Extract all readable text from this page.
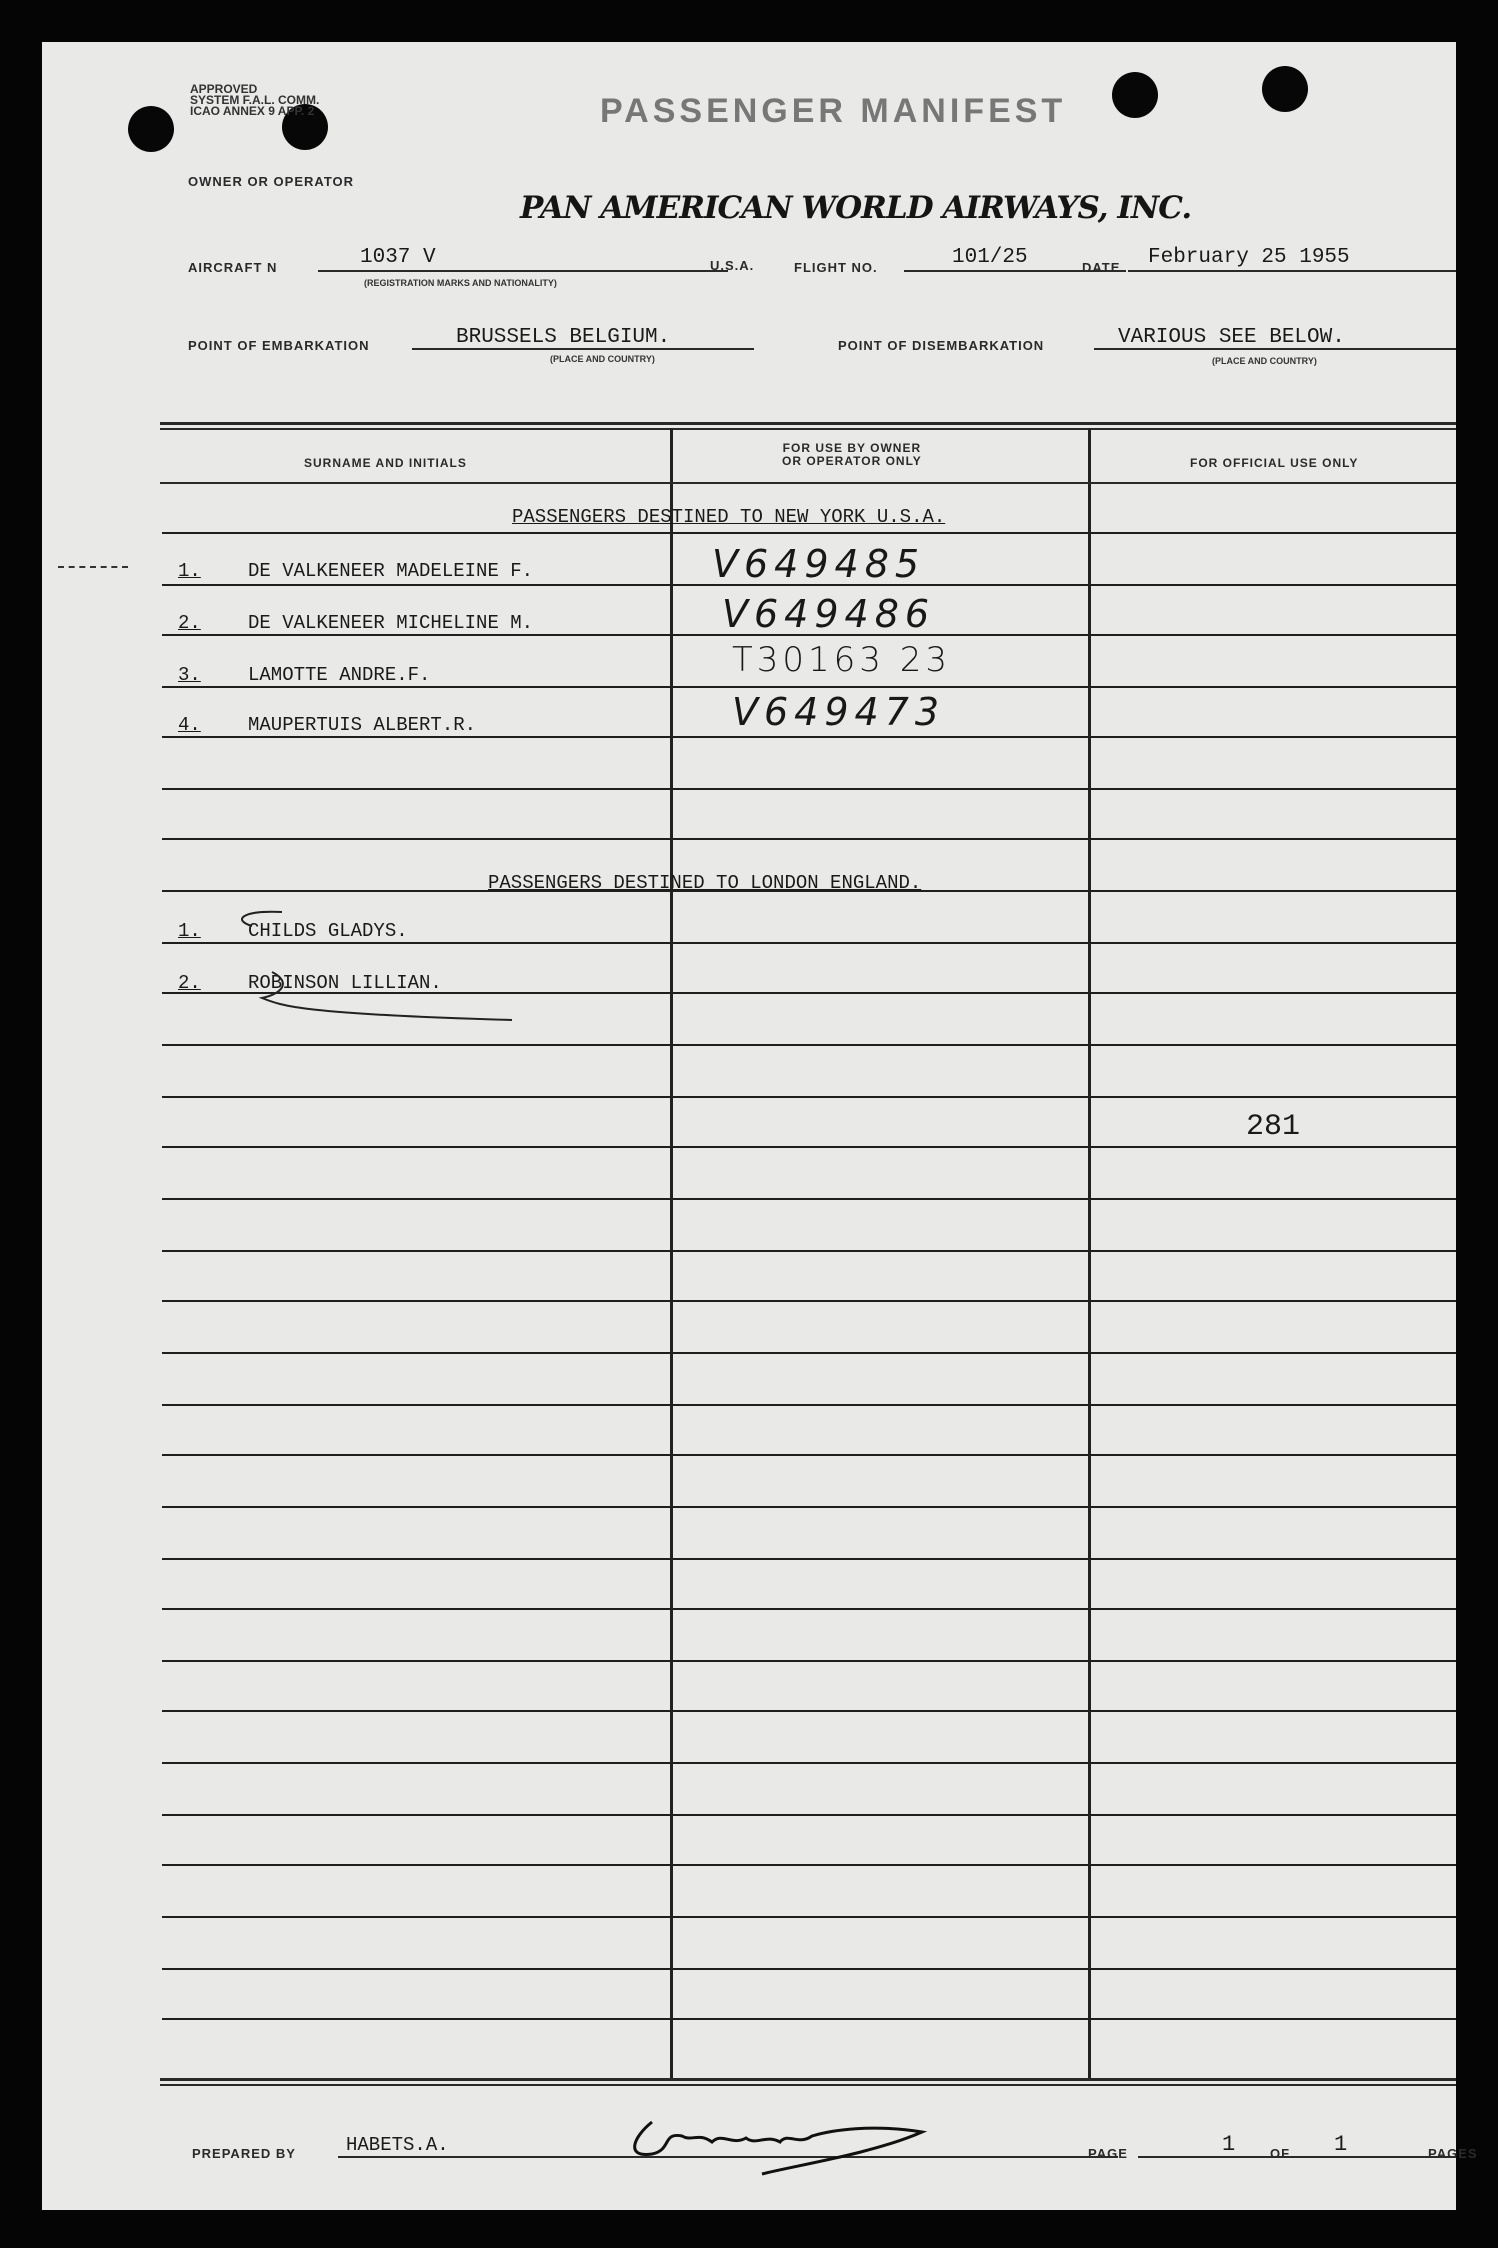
APPROVED
SYSTEM F.A.L. COMM.
ICAO ANNEX 9 APP. 2	PASSENGER MANIFEST
OWNER OR OPERATOR
PAN AMERICAN WORLD AIRWAYS, INC.
AIRCRAFT N	1037 V
(REGISTRATION MARKS AND NATIONALITY)
U.S.A.	FLIGHT NO.	101/25	DATE February 25 1955
POINT OF EMBARKATION	BRUSSELS BELGIUM.
(PLACE AND COUNTRY)
POINT OF DISEMBARKATION	VARIOUS SEE BELOW.
(PLACE AND COUNTRY)
SURNAME AND INITIALS
FOR USE BY OWNER
OR OPERATOR ONLY	FOR OFFICIAL USE ONLY
PASSENGERS DESTINED TO NEW YORK U.S.A.
1. DE VALKENEER MADELEINE F.	V649485
2. DE VALKENEER MICHELINE M.	V649486
3. LAMOTTE ANDRE.F.	T30163 23
4. MAUPERTUIS ALBERT.R.	V649473
PASSENGERS DESTINED TO LONDON ENGLAND.
1. CHILDS GLADYS.
2. ROBINSON LILLIAN.
281
PREPARED BY	HABETS.A.	PAGE	1	OF 1	PAGES
